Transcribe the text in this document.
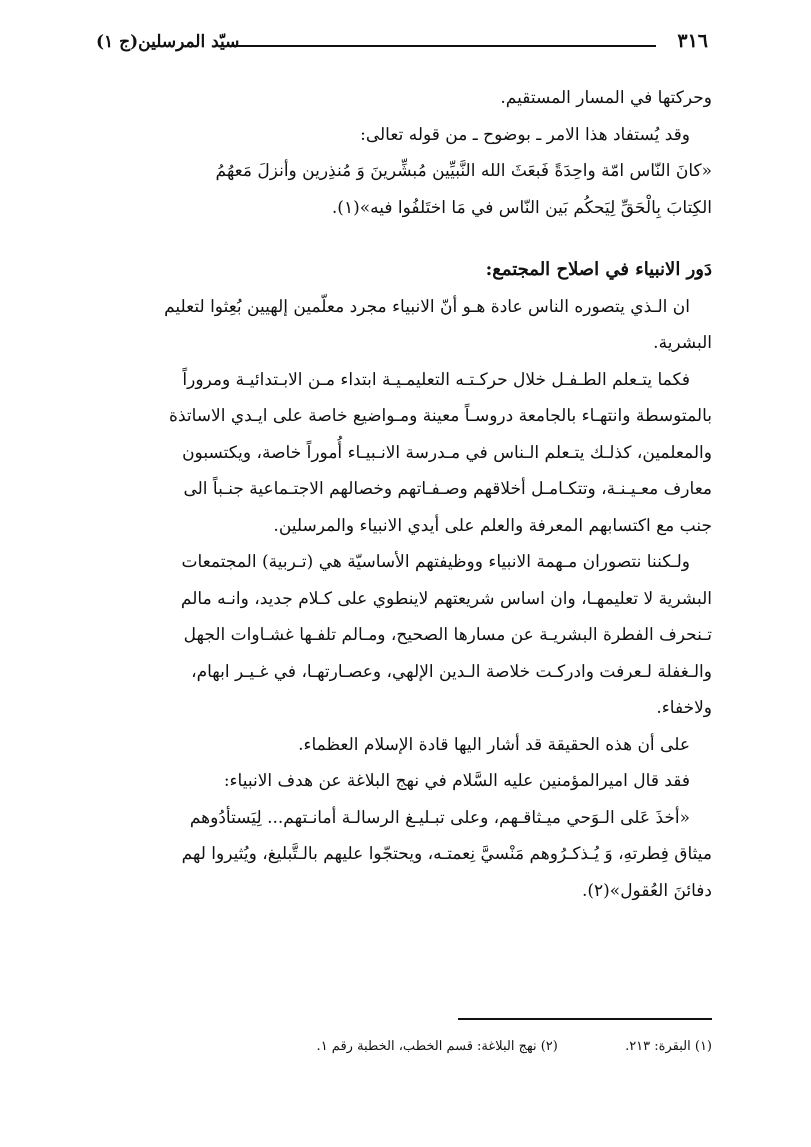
سيّد المرسلين(ج ١)	٣١٦
وحركتها في المسار المستقيم.
وقد يُستفاد هذا الامر ـ بوضوح ـ من قوله تعالى:
«كانَ النّاس امّة واحِدَةً فَبعَثَ الله النَّبيِّين مُبشِّرينَ وَ مُنذِرين وأنزلَ مَعهُمُ
الكِتابَ بِالْحَقِّ لِيَحكُم بَين النّاس في مَا اختَلفُوا فيه»(١).
دَور الانبياء في اصلاح المجتمع:
ان الـذي يتصوره الناس عادة هـو أنّ الانبياء مجرد معلّمين إلهيين بُعِثوا لتعليم
البشرية.
فكما يتـعلم الطـفـل خلال حركـتـه التعليمـيـة ابتداء مـن الابـتدائيـة ومروراً
بالمتوسطة وانتهـاء بالجامعة دروسـاً معينة ومـواضيع خاصة على ايـدي الاساتذة
والمعلمين، كذلـك يتـعلم الـناس في مـدرسة الانـبيـاء أُموراً خاصة، ويكتسبون
معارف معـيـنـة، وتتكـامـل أخلاقهم وصـفـاتهم وخصالهم الاجتـماعية جنـباً الى
جنب مع اكتسابهم المعرفة والعلم على أيدي الانبياء والمرسلين.
ولـكننا نتصوران مـهمة الانبياء ووظيفتهم الأساسيّة هي (تـربية) المجتمعات
البشرية لا تعليمهـا، وان اساس شريعتهم لاينطوي على كـلام جديد، وانـه مالم
تـنحرف الفطرة البشريـة عن مسارها الصحيح، ومـالم تلفـها غشـاوات الجهل
والـغفلة لـعرفت وادركـت خلاصة الـدين الإلهي، وعصـارتهـا، في غـيـر ابهام،
ولاخفاء.
على أن هذه الحقيقة قد أشار اليها قادة الإسلام العظماء.
فقد قال اميرالمؤمنين عليه السَّلام في نهج البلاغة عن هدف الانبياء:
«أخذَ عَلى الـوَحي ميـثاقـهم، وعلى تبـليـغ الرسالـة أمانـتهم... لِيَستأدُوهم
ميثاق فِطرتهِ، وَ يُـذكـرُوهم مَنْسيَّ نِعمتـه، ويحتجّوا عليهم بالـتَّبليغ، ويُثيروا لهم
دفائنَ العُقول»(٢).
(١) البقرة: ٢١٣. (٢) نهج البلاغة: قسم الخطب، الخطبة رقم ١.
